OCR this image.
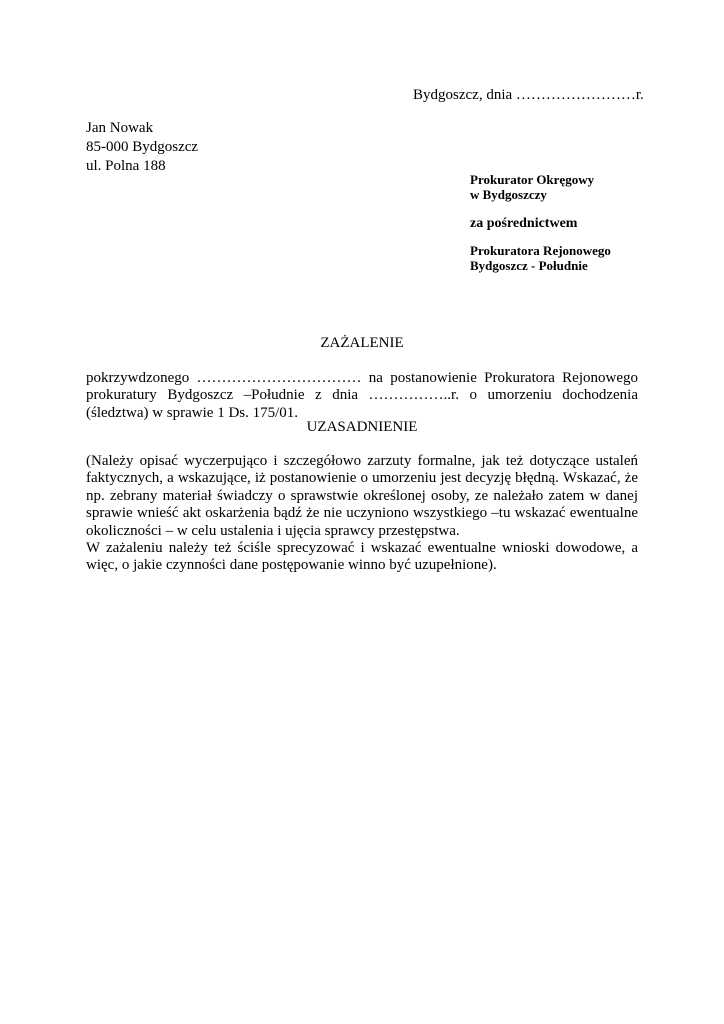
Bydgoszcz, dnia ……………………r.
Jan Nowak
85-000 Bydgoszcz
ul. Polna 188
Prokurator Okręgowy
w Bydgoszczy
za pośrednictwem
Prokuratora Rejonowego
Bydgoszcz - Południe
ZAŻALENIE
pokrzywdzonego …………………………… na postanowienie Prokuratora Rejonowego prokuratury Bydgoszcz –Południe z dnia ……………..r. o umorzeniu dochodzenia (śledztwa) w sprawie 1 Ds. 175/01.
UZASADNIENIE
(Należy opisać wyczerpująco i szczegółowo zarzuty formalne, jak też dotyczące ustaleń faktycznych, a wskazujące, iż postanowienie o umorzeniu jest decyzję błędną. Wskazać, że np. zebrany materiał świadczy o sprawstwie określonej osoby, ze należało zatem w danej sprawie wnieść akt oskarżenia bądź że nie uczyniono wszystkiego –tu wskazać ewentualne okoliczności – w celu ustalenia i ujęcia sprawcy przestępstwa.
W zażaleniu należy też ściśle sprecyzować i wskazać ewentualne wnioski dowodowe, a więc, o jakie czynności dane postępowanie winno być uzupełnione).
